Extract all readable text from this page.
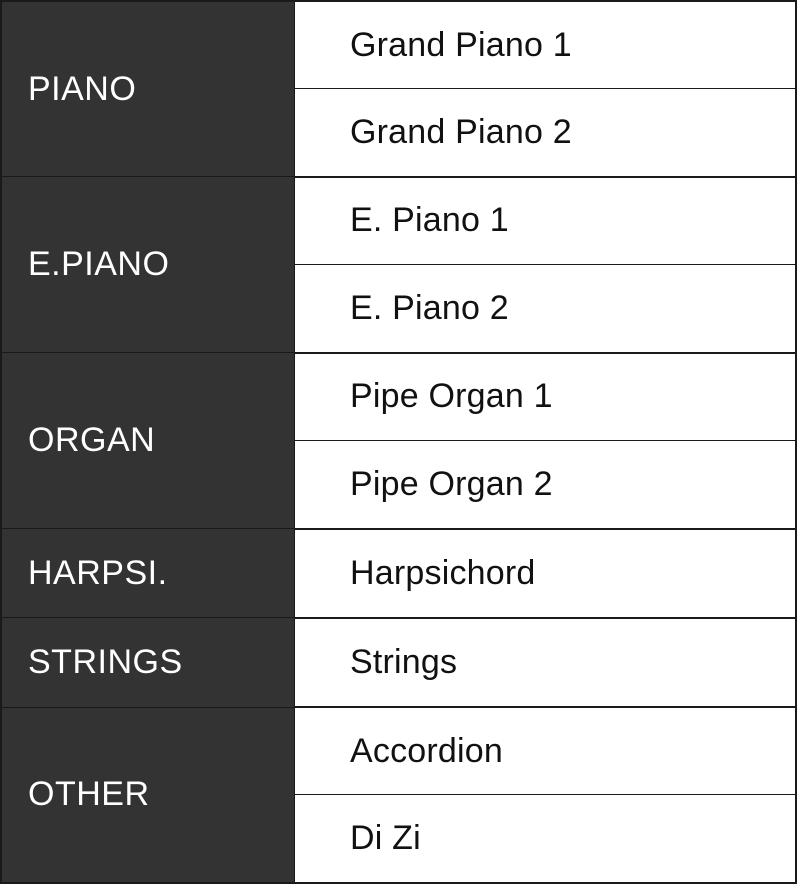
PIANO	Grand Piano 1

	Grand Piano 2

E.PIANO	E. Piano 1

	E. Piano 2

ORGAN	Pipe Organ 1

	Pipe Organ 2

HARPSI.	Harpsichord

STRINGS	Strings

OTHER	Accordion

	Di Zi
